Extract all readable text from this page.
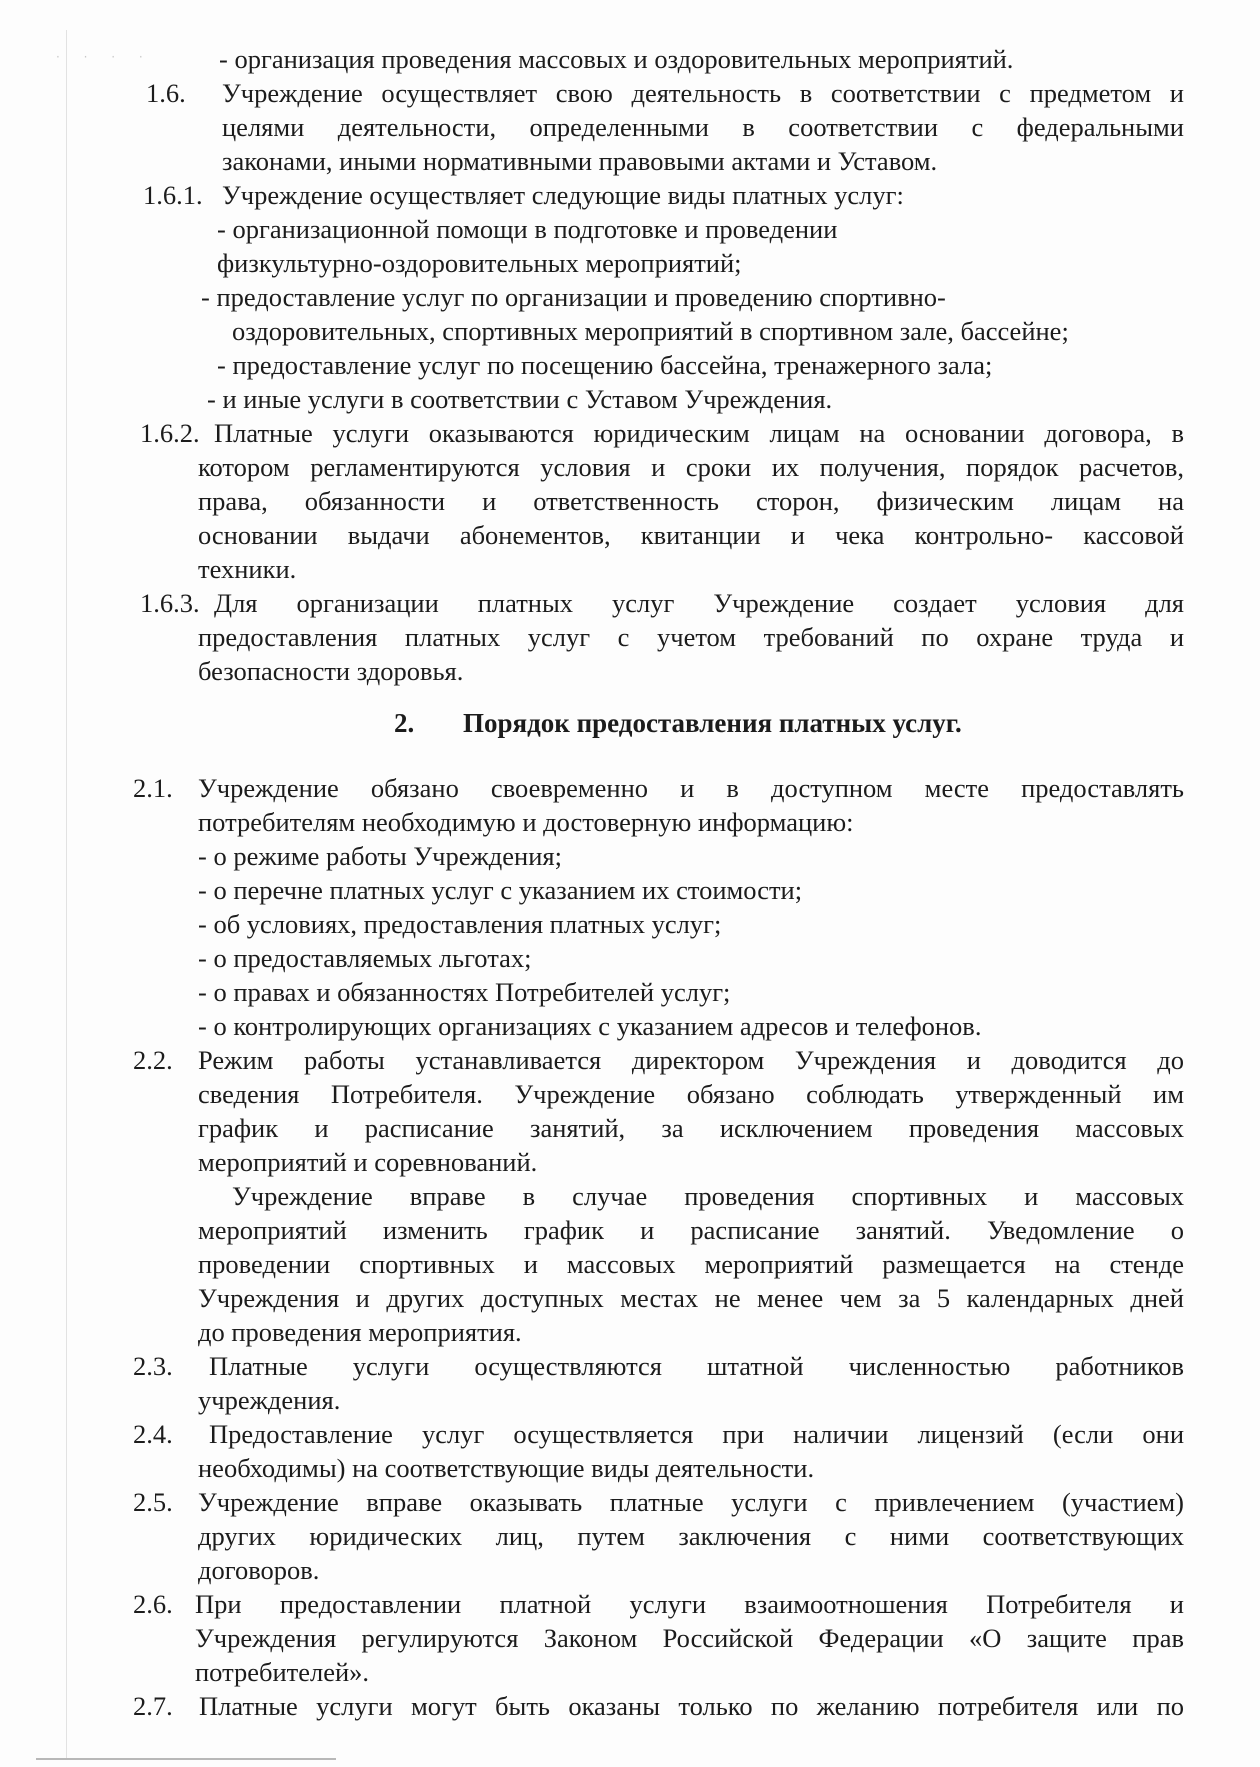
· · · ·	- организация проведения массовых и оздоровительных мероприятий.
1.6. Учреждение осуществляет свою деятельность в соответствии с предметом и
целями деятельности, определенными в соответствии с федеральными
законами, иными нормативными правовыми актами и Уставом.
1.6.1. Учреждение осуществляет следующие виды платных услуг:
- организационной помощи в подготовке и проведении
физкультурно-оздоровительных мероприятий;
- предоставление услуг по организации и проведению спортивно-
оздоровительных, спортивных мероприятий в спортивном зале, бассейне;
- предоставление услуг по посещению бассейна, тренажерного зала;
- и иные услуги в соответствии с Уставом Учреждения.
1.6.2. Платные услуги оказываются юридическим лицам на основании договора, в
котором регламентируются условия и сроки их получения, порядок расчетов,
права, обязанности и ответственность сторон, физическим лицам на
основании выдачи абонементов, квитанции и чека контрольно- кассовой
техники.
1.6.3. Для организации платных услуг Учреждение создает условия для
предоставления платных услуг с учетом требований по охране труда и
безопасности здоровья.
2. Порядок предоставления платных услуг.
2.1. Учреждение обязано своевременно и в доступном месте предоставлять
потребителям необходимую и достоверную информацию:
- о режиме работы Учреждения;
- о перечне платных услуг с указанием их стоимости;
- об условиях, предоставления платных услуг;
- о предоставляемых льготах;
- о правах и обязанностях Потребителей услуг;
- о контролирующих организациях с указанием адресов и телефонов.
2.2. Режим работы устанавливается директором Учреждения и доводится до
сведения Потребителя. Учреждение обязано соблюдать утвержденный им
график и расписание занятий, за исключением проведения массовых
мероприятий и соревнований.
Учреждение вправе в случае проведения спортивных и массовых
мероприятий изменить график и расписание занятий. Уведомление о
проведении спортивных и массовых мероприятий размещается на стенде
Учреждения и других доступных местах не менее чем за 5 календарных дней
до проведения мероприятия.
2.3. Платные услуги осуществляются штатной численностью работников
учреждения.
2.4. Предоставление услуг осуществляется при наличии лицензий (если они
необходимы) на соответствующие виды деятельности.
2.5. Учреждение вправе оказывать платные услуги с привлечением (участием)
других юридических лиц, путем заключения с ними соответствующих
договоров.
2.6. При предоставлении платной услуги взаимоотношения Потребителя и
Учреждения регулируются Законом Российской Федерации «О защите прав
потребителей».
2.7. Платные услуги могут быть оказаны только по желанию потребителя или по
